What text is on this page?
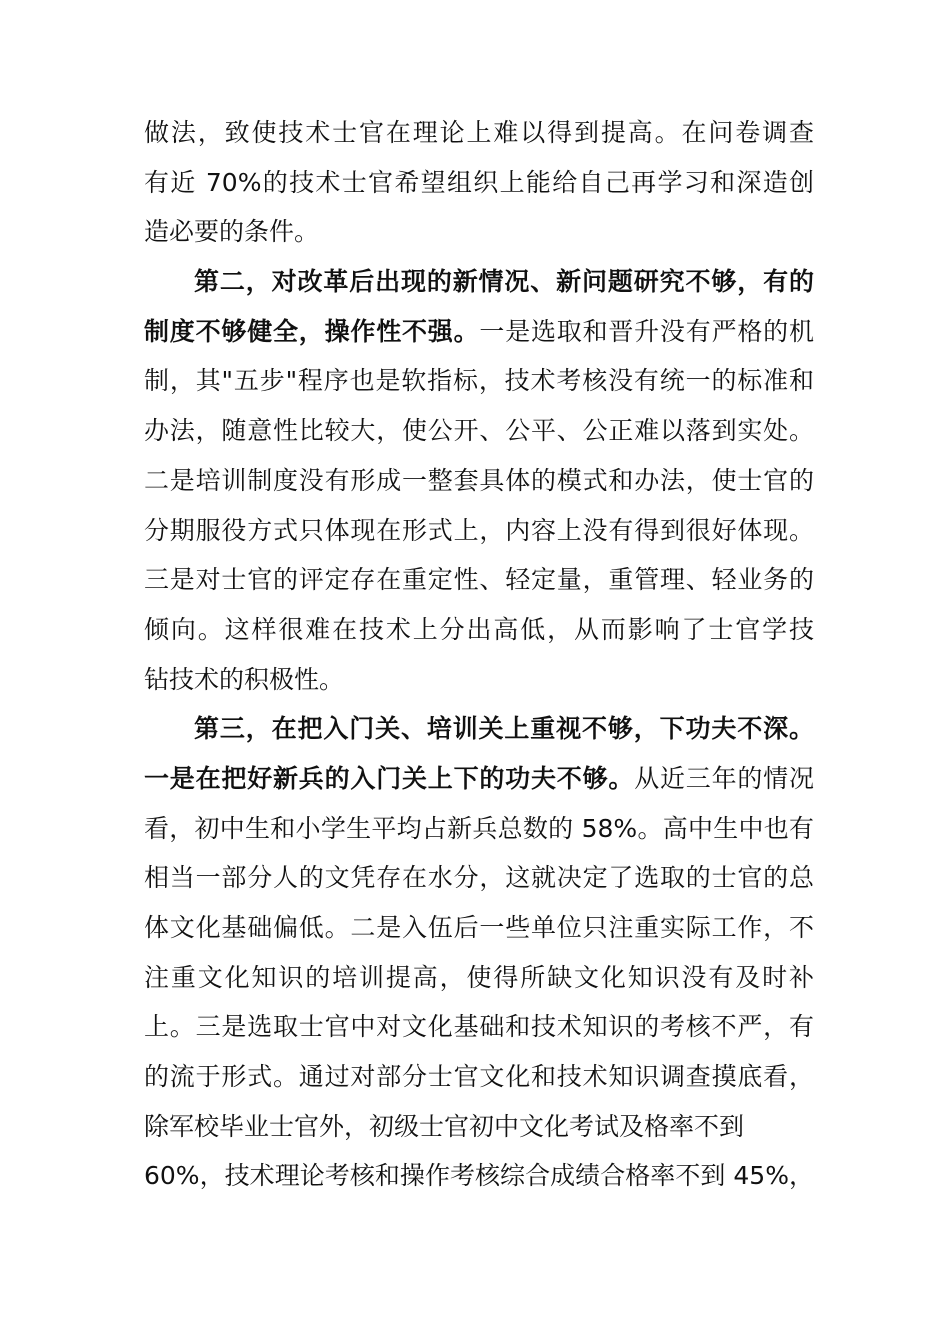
做法，致使技术士官在理论上难以得到提高。在问卷调查
有近 70%的技术士官希望组织上能给自己再学习和深造创
造必要的条件。
第二，对改革后出现的新情况、新问题研究不够，有的
制度不够健全，操作性不强。一是选取和晋升没有严格的机
制，其"五步"程序也是软指标，技术考核没有统一的标准和
办法，随意性比较大，使公开、公平、公正难以落到实处。
二是培训制度没有形成一整套具体的模式和办法，使士官的
分期服役方式只体现在形式上，内容上没有得到很好体现。
三是对士官的评定存在重定性、轻定量，重管理、轻业务的
倾向。这样很难在技术上分出高低，从而影响了士官学技
钻技术的积极性。
第三，在把入门关、培训关上重视不够，下功夫不深。
一是在把好新兵的入门关上下的功夫不够。从近三年的情况
看，初中生和小学生平均占新兵总数的 58%。高中生中也有
相当一部分人的文凭存在水分，这就决定了选取的士官的总
体文化基础偏低。二是入伍后一些单位只注重实际工作，不
注重文化知识的培训提高，使得所缺文化知识没有及时补
上。三是选取士官中对文化基础和技术知识的考核不严，有
的流于形式。通过对部分士官文化和技术知识调查摸底看，
除军校毕业士官外，初级士官初中文化考试及格率不到
60%，技术理论考核和操作考核综合成绩合格率不到 45%，
